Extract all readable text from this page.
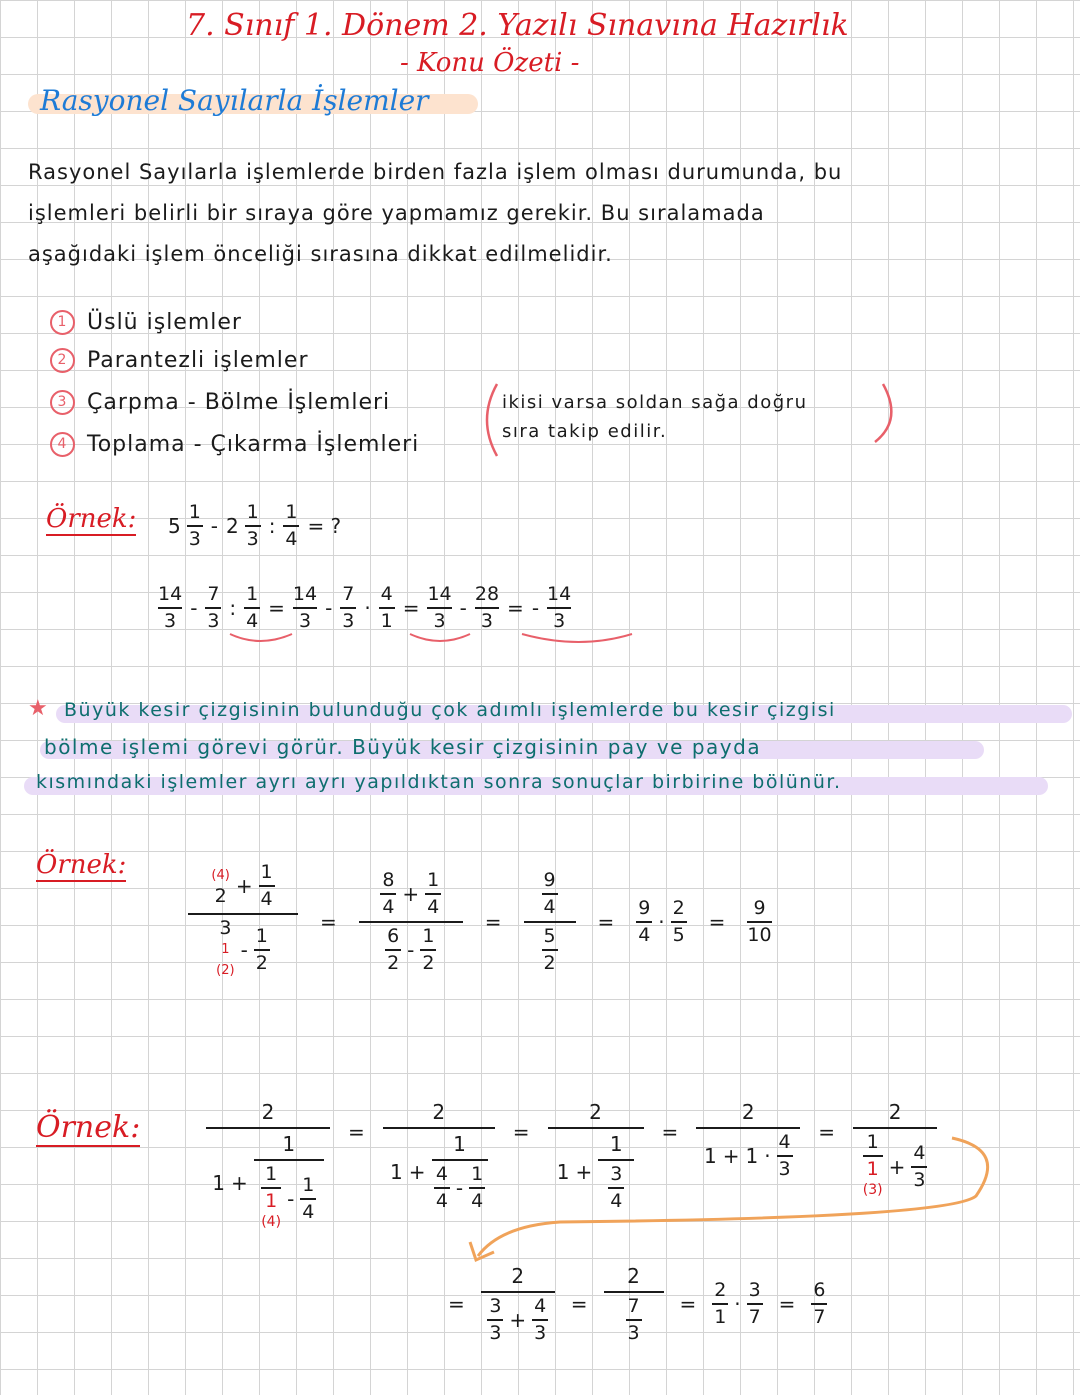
7. Sınıf 1. Dönem 2. Yazılı Sınavına Hazırlık
- Konu Özeti -
Rasyonel Sayılarla İşlemler
Rasyonel Sayılarla işlemlerde birden fazla işlem olması durumunda, bu
işlemleri belirli bir sıraya göre yapmamız gerekir. Bu sıralamada
aşağıdaki işlem önceliği sırasına dikkat edilmelidir.
1 Üslü işlemler
2 Parantezli işlemler
3 Çarpma - Bölme İşlemleri
4 Toplama - Çıkarma İşlemleri
ikisi varsa soldan sağa doğru
sıra takip edilir.
Örnek: $5 \frac{1}{3} - 2 \frac{1}{3}$ : $\frac{1}{4}$ = ?
$\frac{14}{3} - \frac{7}{3}$ : $\frac{1}{4} = \frac{14}{3} - \frac{7}{3} \cdot \frac{4}{1} = \frac{14}{3} - \frac{28}{3}$ = - $\frac{14}{3}$
★ Büyük kesir çizgisinin bulunduğu çok adımlı işlemlerde bu kesir çizgisi
bölme işlemi görevi görür. Büyük kesir çizgisinin pay ve payda
kısmındaki işlemler ayrı ayrı yapıldıktan sonra sonuçlar birbirine bölünür.
Örnek:	(4)
$2 + \frac{1}{4}$
3
1
(2)
- $\frac{1}{2} = \frac{\frac{8}{4} + \frac{1}{4}}{\frac{6}{2} - \frac{1}{2}} = \frac{\frac{9}{4}}{\frac{5}{2}} = \frac{9}{4} \cdot \frac{2}{5} = \frac{9}{10}$
Örnek:	2
1 + 1
1
1
(4)
- $\frac{1}{4}$ =
2
$1 + \frac{1}{\frac{4}{4} - \frac{1}{4}} = \frac{2}{1 + \frac{1}{\frac{3}{4}}} = \frac{2}{1 + 1 \cdot \frac{4}{3}} = 2$
1
1
(3)
+ $\frac{4}{3}$
= $\frac{2}{\frac{3}{3} + \frac{4}{3}} = \frac{2}{\frac{7}{3}} = \frac{2}{1} \cdot \frac{3}{7} = \frac{6}{7}$
